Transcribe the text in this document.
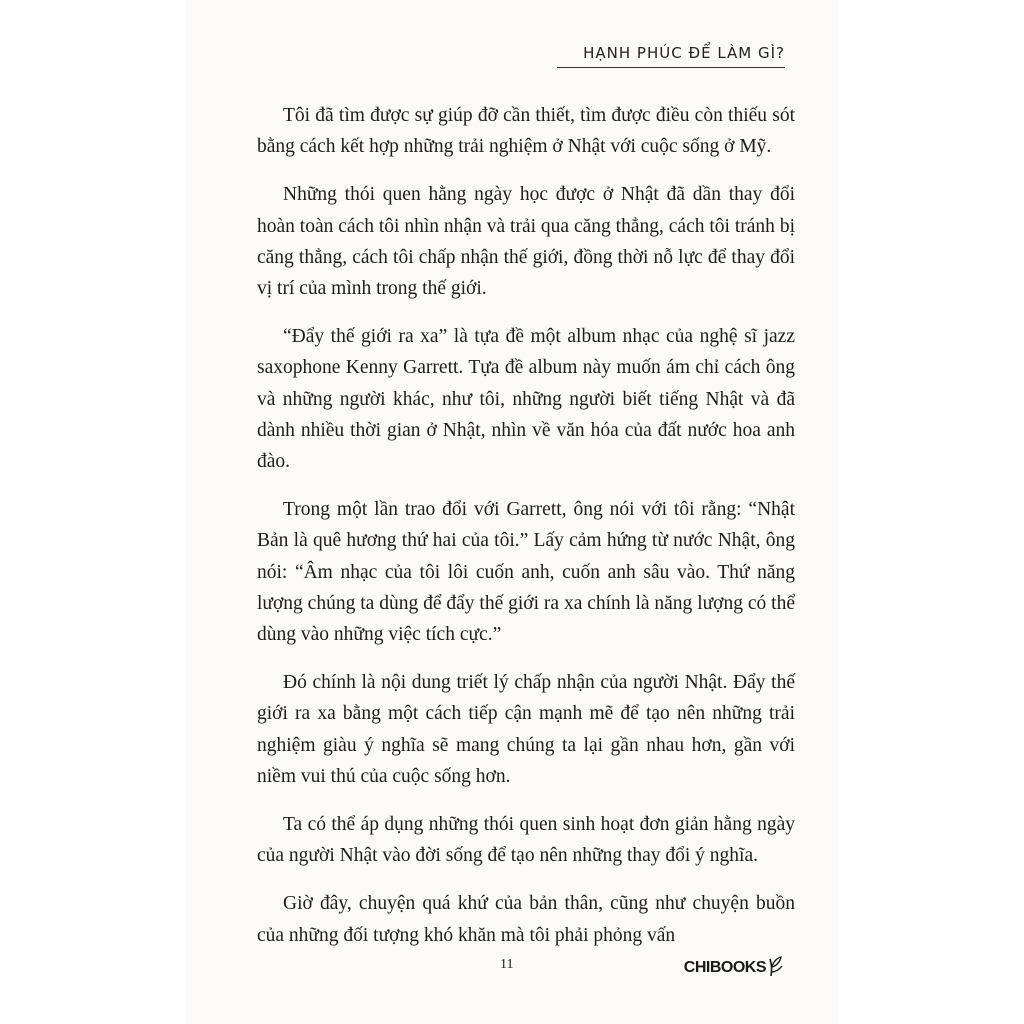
HẠNH PHÚC ĐỂ LÀM GÌ?

Tôi đã tìm được sự giúp đỡ cần thiết, tìm được điều còn thiếu sót bằng cách kết hợp những trải nghiệm ở Nhật với cuộc sống ở Mỹ.

Những thói quen hằng ngày học được ở Nhật đã dần thay đổi hoàn toàn cách tôi nhìn nhận và trải qua căng thẳng, cách tôi tránh bị căng thẳng, cách tôi chấp nhận thế giới, đồng thời nỗ lực để thay đổi vị trí của mình trong thế giới.

“Đẩy thế giới ra xa” là tựa đề một album nhạc của nghệ sĩ jazz saxophone Kenny Garrett. Tựa đề album này muốn ám chỉ cách ông và những người khác, như tôi, những người biết tiếng Nhật và đã dành nhiều thời gian ở Nhật, nhìn về văn hóa của đất nước hoa anh đào.

Trong một lần trao đổi với Garrett, ông nói với tôi rằng: “Nhật Bản là quê hương thứ hai của tôi.” Lấy cảm hứng từ nước Nhật, ông nói: “Âm nhạc của tôi lôi cuốn anh, cuốn anh sâu vào. Thứ năng lượng chúng ta dùng để đẩy thế giới ra xa chính là năng lượng có thể dùng vào những việc tích cực.”

Đó chính là nội dung triết lý chấp nhận của người Nhật. Đẩy thế giới ra xa bằng một cách tiếp cận mạnh mẽ để tạo nên những trải nghiệm giàu ý nghĩa sẽ mang chúng ta lại gần nhau hơn, gần với niềm vui thú của cuộc sống hơn.

Ta có thể áp dụng những thói quen sinh hoạt đơn giản hằng ngày của người Nhật vào đời sống để tạo nên những thay đổi ý nghĩa.

Giờ đây, chuyện quá khứ của bản thân, cũng như chuyện buồn của những đối tượng khó khăn mà tôi phải phỏng vấn

11	CHIBOOKS
